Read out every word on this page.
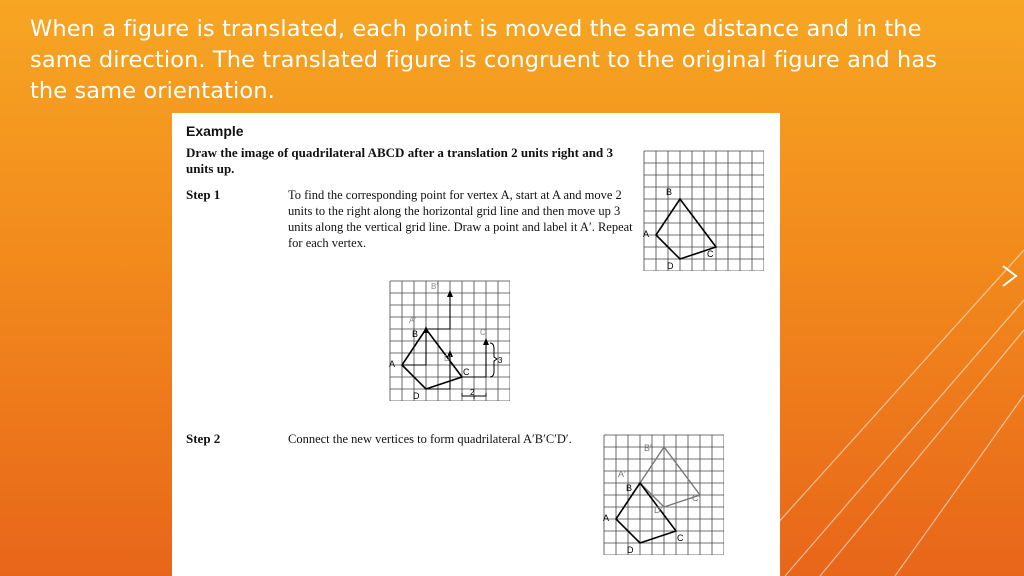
When a figure is translated, each point is moved the same distance and in the same direction. The translated figure is congruent to the original figure and has the same orientation.
Example
Draw the image of quadrilateral ABCD after a translation 2 units right and 3 units up.
Step 1	To find the corresponding point for vertex A, start at A and move 2 units to the right along the horizontal grid line and then move up 3 units along the vertical grid line. Draw a point and label it A′. Repeat for each vertex.
Step 2	Connect the new vertices to form quadrilateral A′B′C′D′.
B
A
C
D
3
2
B′
A′
C′
D′
B
A
C
D
B′
A′
C′
D′
B
A
C
D
